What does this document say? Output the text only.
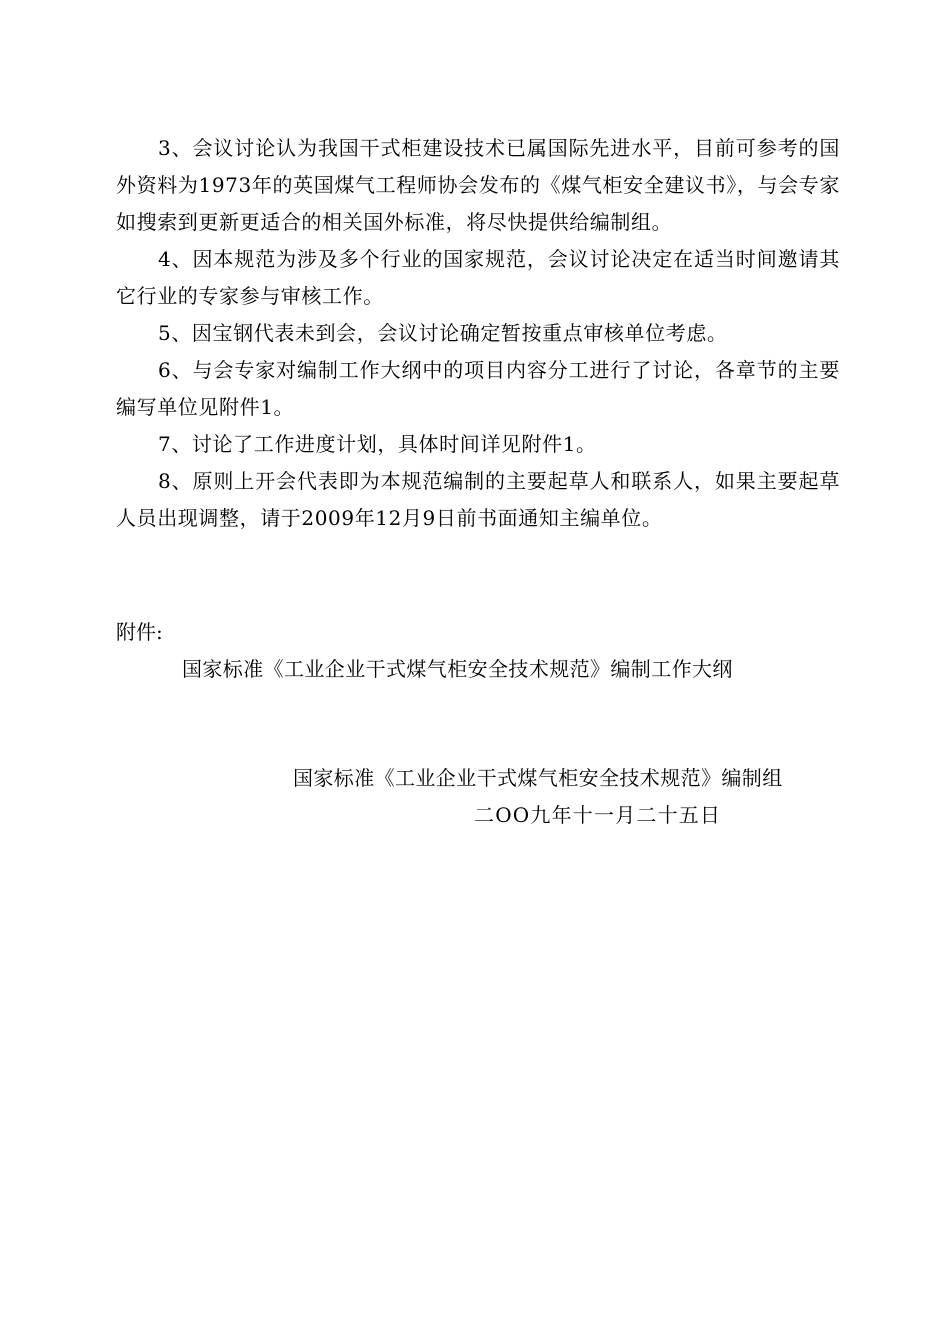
3、会议讨论认为我国干式柜建设技术已属国际先进水平，目前可参考的国外资料为1973年的英国煤气工程师协会发布的《煤气柜安全建议书》，与会专家如搜索到更新更适合的相关国外标准，将尽快提供给编制组。

4、因本规范为涉及多个行业的国家规范，会议讨论决定在适当时间邀请其它行业的专家参与审核工作。

5、因宝钢代表未到会，会议讨论确定暂按重点审核单位考虑。

6、与会专家对编制工作大纲中的项目内容分工进行了讨论，各章节的主要编写单位见附件1。

7、讨论了工作进度计划，具体时间详见附件1。

8、原则上开会代表即为本规范编制的主要起草人和联系人，如果主要起草人员出现调整，请于2009年12月9日前书面通知主编单位。

附件:
国家标准《工业企业干式煤气柜安全技术规范》编制工作大纲
国家标准《工业企业干式煤气柜安全技术规范》编制组
二OO九年十一月二十五日
